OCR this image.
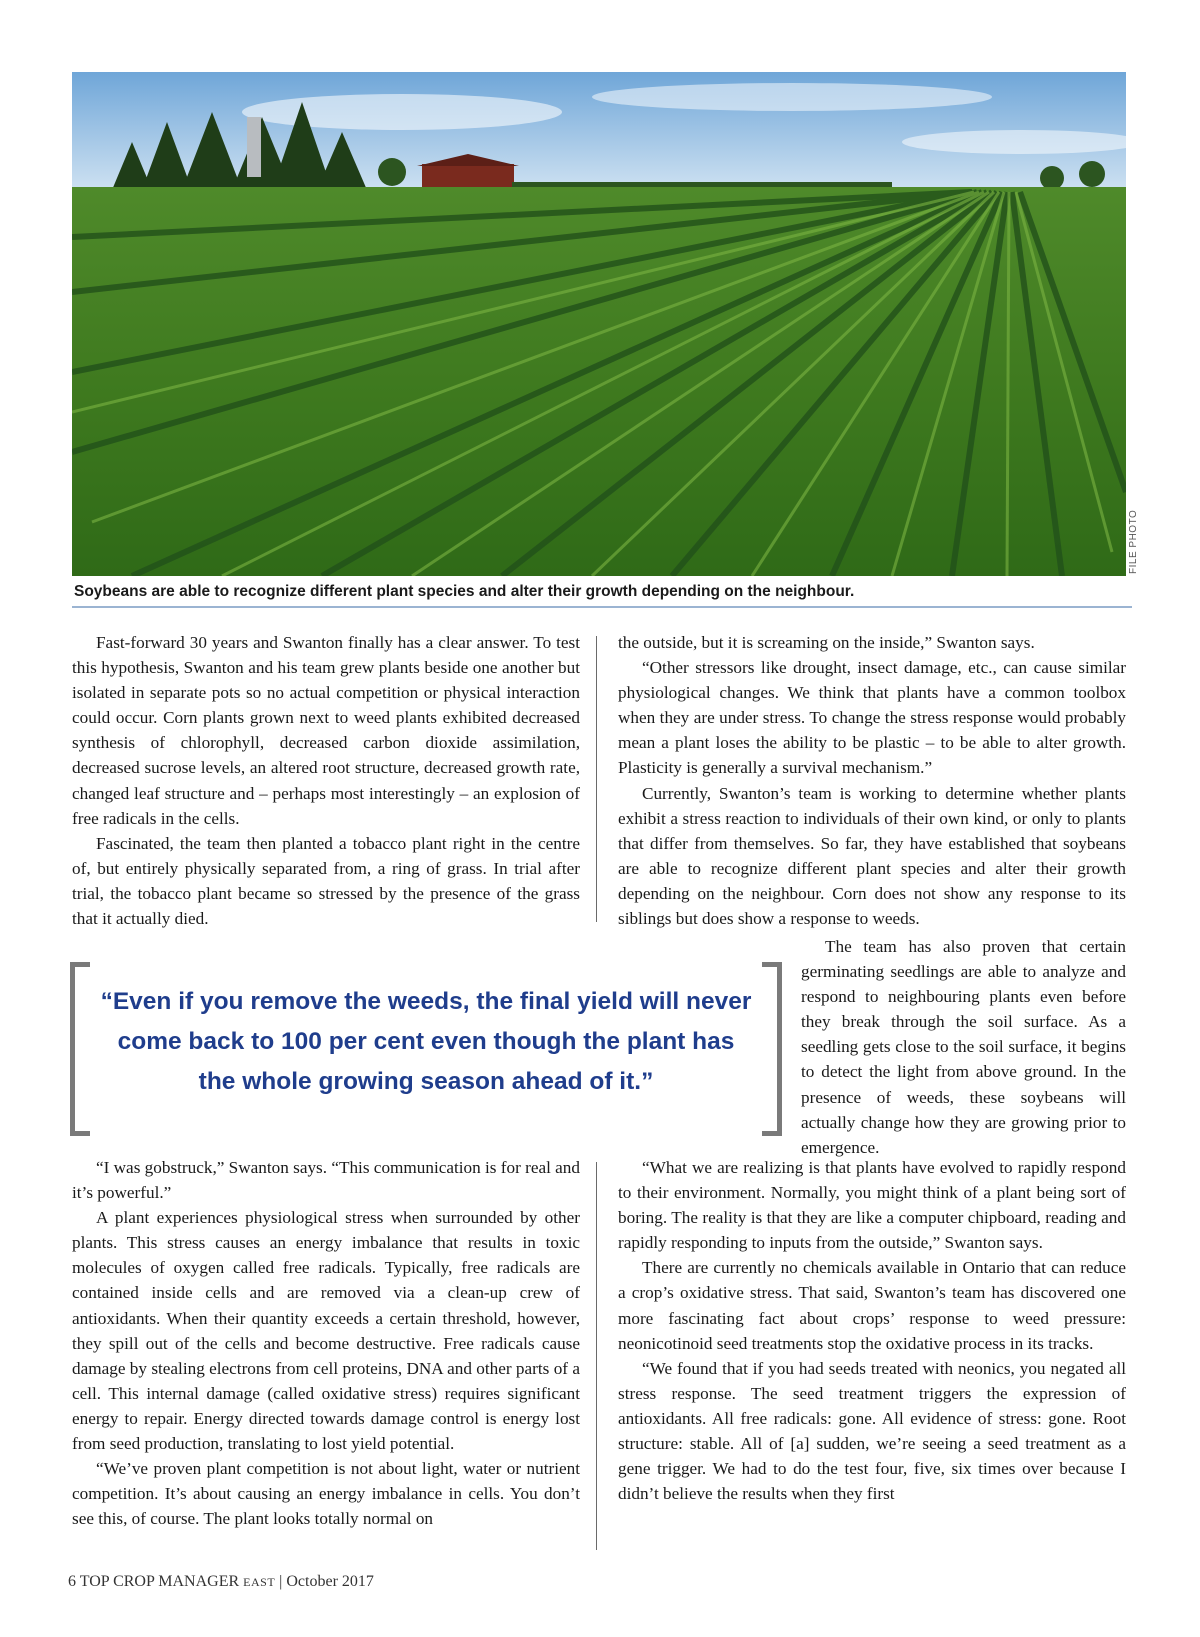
FILE PHOTO
Soybeans are able to recognize different plant species and alter their growth depending on the neighbour.

Fast-forward 30 years and Swanton finally has a clear answer. To test this hypothesis, Swanton and his team grew plants beside one another but isolated in separate pots so no actual competition or physical interaction could occur. Corn plants grown next to weed plants exhibited decreased synthesis of chlorophyll, decreased carbon dioxide assimilation, decreased sucrose levels, an altered root structure, decreased growth rate, changed leaf structure and – perhaps most interestingly – an explosion of free radicals in the cells.

Fascinated, the team then planted a tobacco plant right in the centre of, but entirely physically separated from, a ring of grass. In trial after trial, the tobacco plant became so stressed by the presence of the grass that it actually died.

the outside, but it is screaming on the inside,” Swanton says.

“Other stressors like drought, insect damage, etc., can cause similar physiological changes. We think that plants have a common toolbox when they are under stress. To change the stress response would probably mean a plant loses the ability to be plastic – to be able to alter growth. Plasticity is generally a survival mechanism.”

Currently, Swanton’s team is working to determine whether plants exhibit a stress reaction to individuals of their own kind, or only to plants that differ from themselves. So far, they have established that soybeans are able to recognize different plant species and alter their growth depending on the neighbour. Corn does not show any response to its siblings but does show a response to weeds.

The team has also proven that certain germinating seedlings are able to analyze and respond to neighbouring plants even before they break through the soil surface. As a seedling gets close to the soil surface, it begins to detect the light from above ground. In the presence of weeds, these soybeans will actually change how they are growing prior to emergence.

“Even if you remove the weeds, the final yield will never come back to 100 per cent even though the plant has the whole growing season ahead of it.”

“I was gobstruck,” Swanton says. “This communication is for real and it’s powerful.”

A plant experiences physiological stress when surrounded by other plants. This stress causes an energy imbalance that results in toxic molecules of oxygen called free radicals. Typically, free radicals are contained inside cells and are removed via a clean-up crew of antioxidants. When their quantity exceeds a certain threshold, however, they spill out of the cells and become destructive. Free radicals cause damage by stealing electrons from cell proteins, DNA and other parts of a cell. This internal damage (called oxidative stress) requires significant energy to repair. Energy directed towards damage control is energy lost from seed production, translating to lost yield potential.

“We’ve proven plant competition is not about light, water or nutrient competition. It’s about causing an energy imbalance in cells. You don’t see this, of course. The plant looks totally normal on

“What we are realizing is that plants have evolved to rapidly respond to their environment. Normally, you might think of a plant being sort of boring. The reality is that they are like a computer chipboard, reading and rapidly responding to inputs from the outside,” Swanton says.

There are currently no chemicals available in Ontario that can reduce a crop’s oxidative stress. That said, Swanton’s team has discovered one more fascinating fact about crops’ response to weed pressure: neonicotinoid seed treatments stop the oxidative process in its tracks.

“We found that if you had seeds treated with neonics, you negated all stress response. The seed treatment triggers the expression of antioxidants. All free radicals: gone. All evidence of stress: gone. Root structure: stable. All of [a] sudden, we’re seeing a seed treatment as a gene trigger. We had to do the test four, five, six times over because I didn’t believe the results when they first

6 TOP CROP MANAGER EAST | October 2017
